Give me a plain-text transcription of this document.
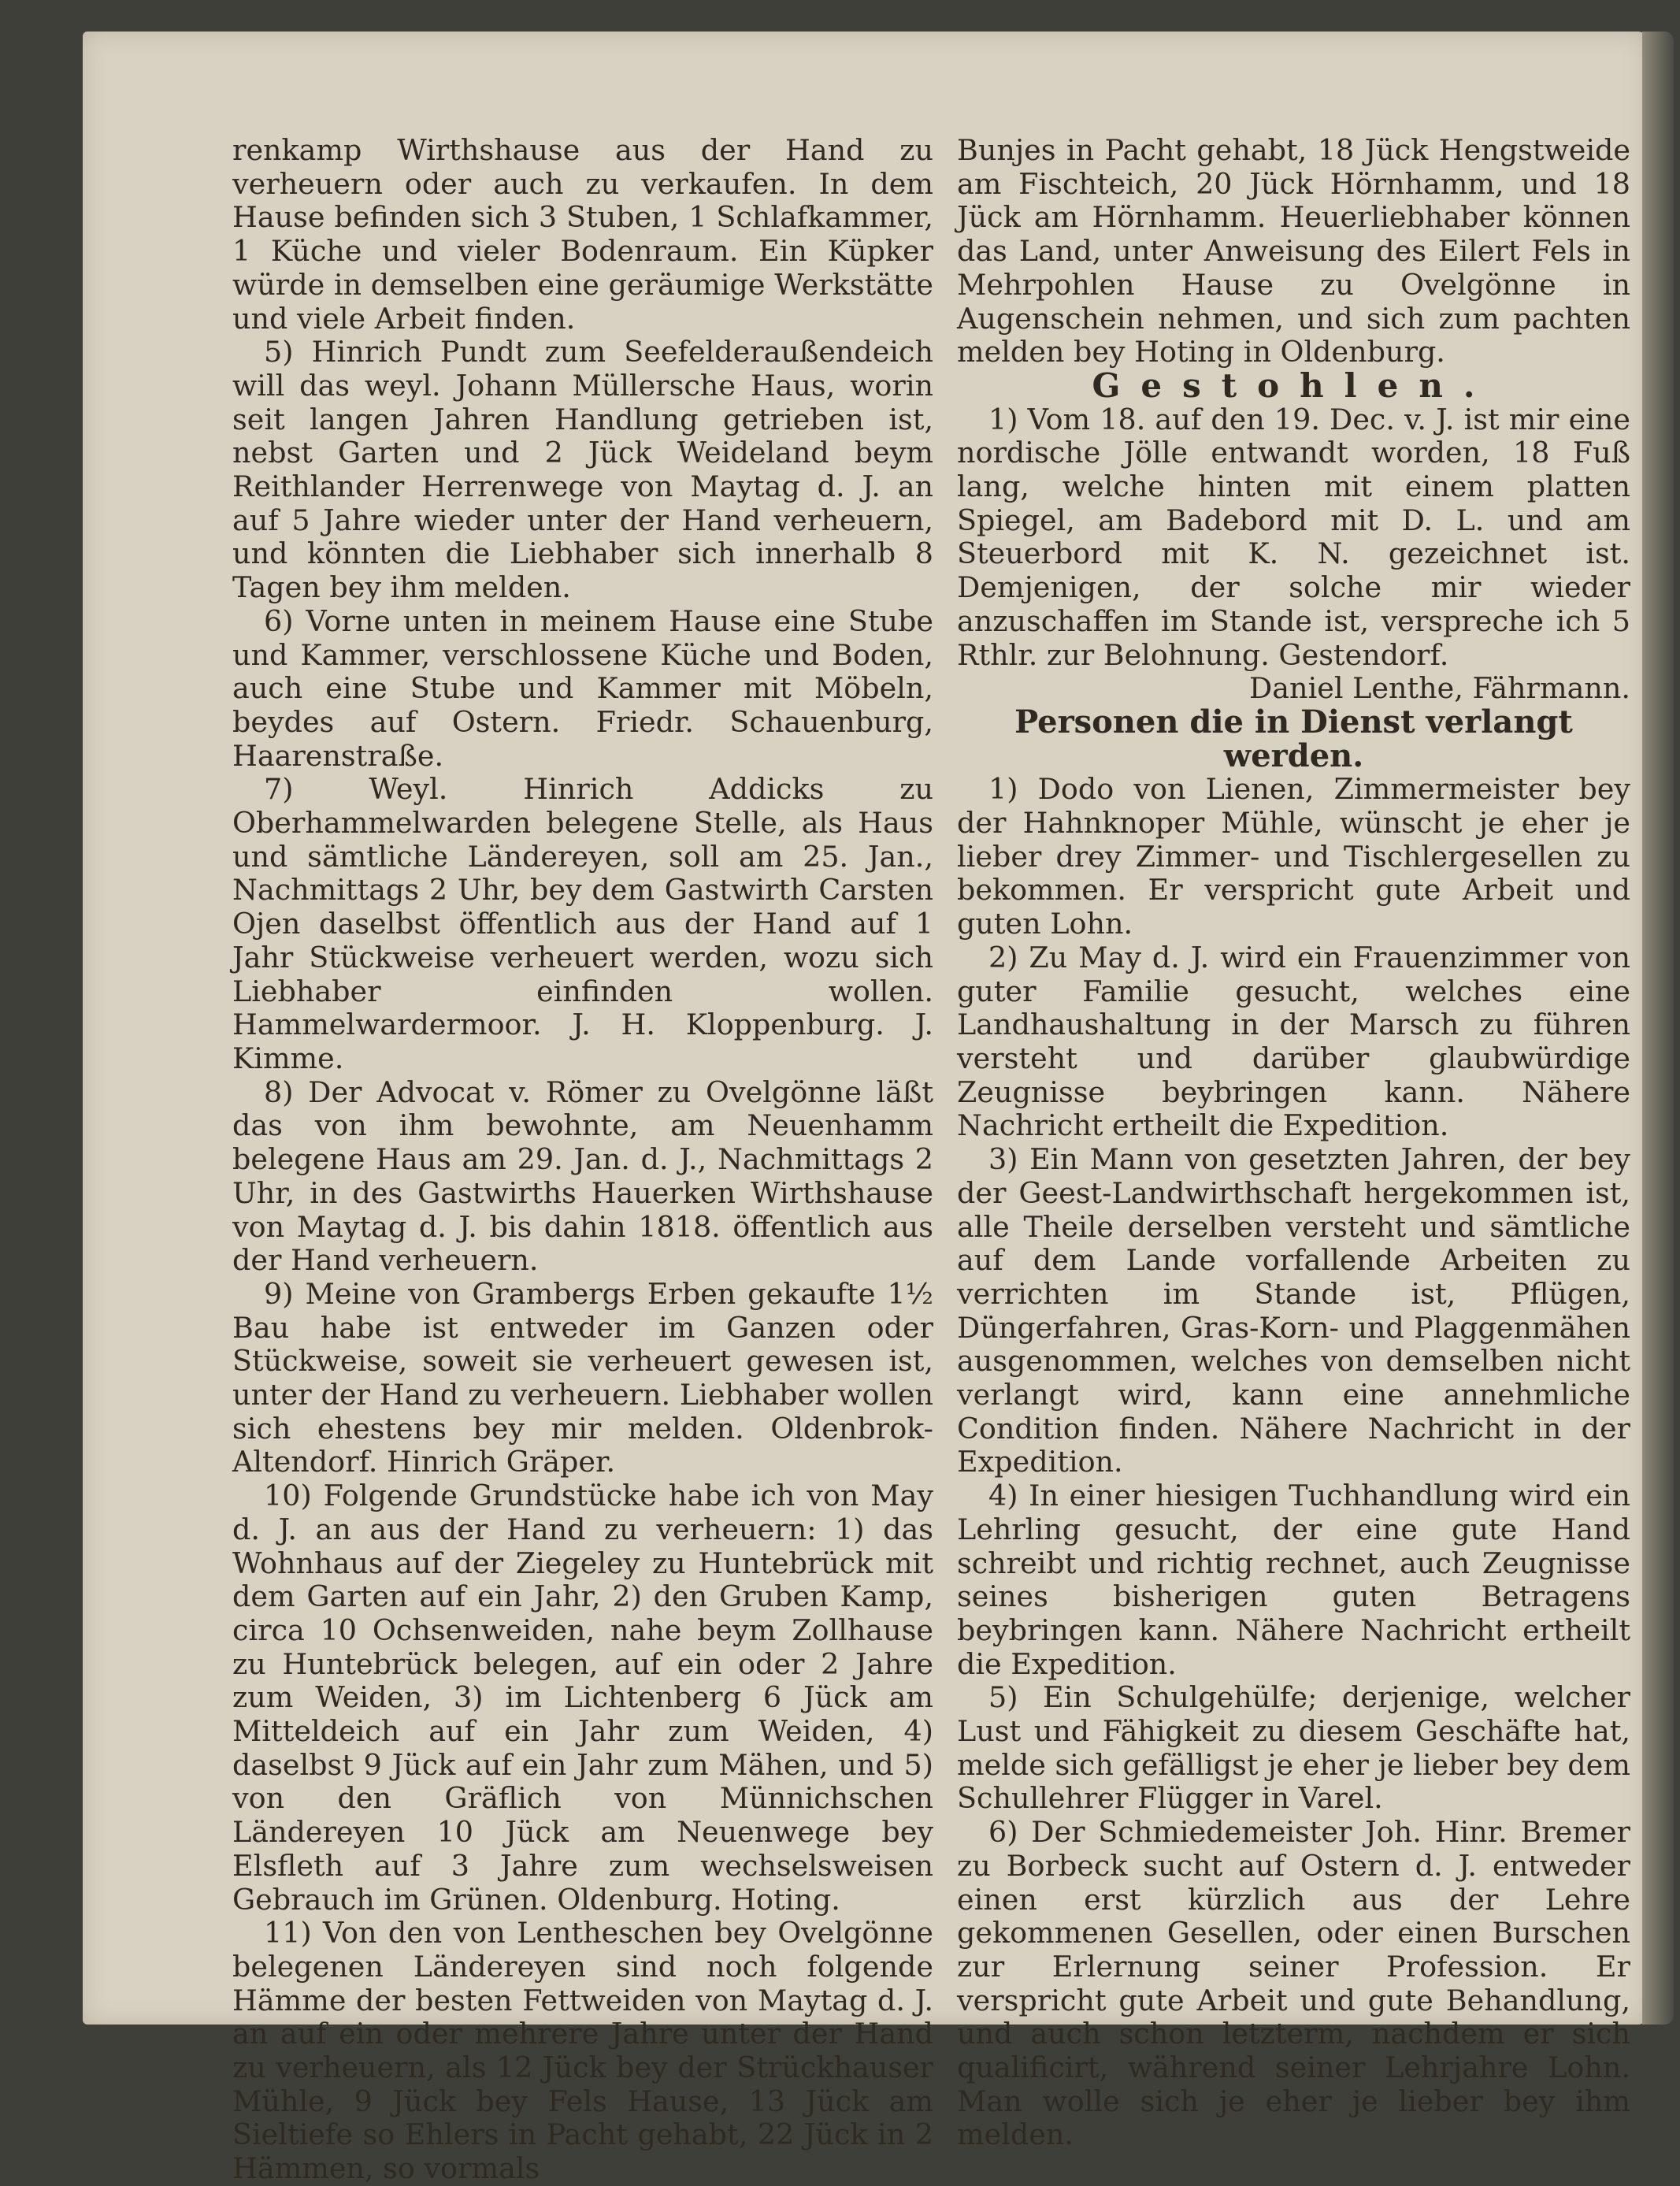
renkamp Wirthshause aus der Hand zu verheuern oder auch zu verkaufen. In dem Hause befinden sich 3 Stuben, 1 Schlafkammer, 1 Küche und vieler Bodenraum. Ein Küpker würde in demselben eine geräumige Werkstätte und viele Arbeit finden.

5) Hinrich Pundt zum Seefelderaußendeich will das weyl. Johann Müllersche Haus, worin seit langen Jahren Handlung getrieben ist, nebst Garten und 2 Jück Weideland beym Reithlander Herrenwege von Maytag d. J. an auf 5 Jahre wieder unter der Hand verheuern, und könnten die Liebhaber sich innerhalb 8 Tagen bey ihm melden.

6) Vorne unten in meinem Hause eine Stube und Kammer, verschlossene Küche und Boden, auch eine Stube und Kammer mit Möbeln, beydes auf Ostern. Friedr. Schauenburg, Haarenstraße.

7) Weyl. Hinrich Addicks zu Oberhammelwarden belegene Stelle, als Haus und sämtliche Ländereyen, soll am 25. Jan., Nachmittags 2 Uhr, bey dem Gastwirth Carsten Ojen daselbst öffentlich aus der Hand auf 1 Jahr Stückweise verheuert werden, wozu sich Liebhaber einfinden wollen. Hammelwardermoor. J. H. Kloppenburg. J. Kimme.

8) Der Advocat v. Römer zu Ovelgönne läßt das von ihm bewohnte, am Neuenhamm belegene Haus am 29. Jan. d. J., Nachmittags 2 Uhr, in des Gastwirths Hauerken Wirthshause von Maytag d. J. bis dahin 1818. öffentlich aus der Hand verheuern.

9) Meine von Grambergs Erben gekaufte 1½ Bau habe ist entweder im Ganzen oder Stückweise, soweit sie verheuert gewesen ist, unter der Hand zu verheuern. Liebhaber wollen sich ehestens bey mir melden. Oldenbrok-Altendorf. Hinrich Gräper.

10) Folgende Grundstücke habe ich von May d. J. an aus der Hand zu verheuern: 1) das Wohnhaus auf der Ziegeley zu Huntebrück mit dem Garten auf ein Jahr, 2) den Gruben Kamp, circa 10 Ochsenweiden, nahe beym Zollhause zu Huntebrück belegen, auf ein oder 2 Jahre zum Weiden, 3) im Lichtenberg 6 Jück am Mitteldeich auf ein Jahr zum Weiden, 4) daselbst 9 Jück auf ein Jahr zum Mähen, und 5) von den Gräflich von Münnichschen Ländereyen 10 Jück am Neuenwege bey Elsfleth auf 3 Jahre zum wechselsweisen Gebrauch im Grünen. Oldenburg. Hoting.

11) Von den von Lentheschen bey Ovelgönne belegenen Ländereyen sind noch folgende Hämme der besten Fettweiden von Maytag d. J. an auf ein oder mehrere Jahre unter der Hand zu verheuern, als 12 Jück bey der Strückhauser Mühle, 9 Jück bey Fels Hause, 13 Jück am Sieltiefe so Ehlers in Pacht gehabt, 22 Jück in 2 Hämmen, so vormals

Bunjes in Pacht gehabt, 18 Jück Hengstweide am Fischteich, 20 Jück Hörnhamm, und 18 Jück am Hörnhamm. Heuerliebhaber können das Land, unter Anweisung des Eilert Fels in Mehrpohlen Hause zu Ovelgönne in Augenschein nehmen, und sich zum pachten melden bey Hoting in Oldenburg.

Gestohlen.

1) Vom 18. auf den 19. Dec. v. J. ist mir eine nordische Jölle entwandt worden, 18 Fuß lang, welche hinten mit einem platten Spiegel, am Badebord mit D. L. und am Steuerbord mit K. N. gezeichnet ist. Demjenigen, der solche mir wieder anzuschaffen im Stande ist, verspreche ich 5 Rthlr. zur Belohnung. Gestendorf.

Daniel Lenthe, Fährmann.

Personen die in Dienst verlangt werden.

1) Dodo von Lienen, Zimmermeister bey der Hahnknoper Mühle, wünscht je eher je lieber drey Zimmer- und Tischlergesellen zu bekommen. Er verspricht gute Arbeit und guten Lohn.

2) Zu May d. J. wird ein Frauenzimmer von guter Familie gesucht, welches eine Landhaushaltung in der Marsch zu führen versteht und darüber glaubwürdige Zeugnisse beybringen kann. Nähere Nachricht ertheilt die Expedition.

3) Ein Mann von gesetzten Jahren, der bey der Geest-Landwirthschaft hergekommen ist, alle Theile derselben versteht und sämtliche auf dem Lande vorfallende Arbeiten zu verrichten im Stande ist, Pflügen, Düngerfahren, Gras-Korn- und Plaggenmähen ausgenommen, welches von demselben nicht verlangt wird, kann eine annehmliche Condition finden. Nähere Nachricht in der Expedition.

4) In einer hiesigen Tuchhandlung wird ein Lehrling gesucht, der eine gute Hand schreibt und richtig rechnet, auch Zeugnisse seines bisherigen guten Betragens beybringen kann. Nähere Nachricht ertheilt die Expedition.

5) Ein Schulgehülfe; derjenige, welcher Lust und Fähigkeit zu diesem Geschäfte hat, melde sich gefälligst je eher je lieber bey dem Schullehrer Flügger in Varel.

6) Der Schmiedemeister Joh. Hinr. Bremer zu Borbeck sucht auf Ostern d. J. entweder einen erst kürzlich aus der Lehre gekommenen Gesellen, oder einen Burschen zur Erlernung seiner Profession. Er verspricht gute Arbeit und gute Behandlung, und auch schon letzterm, nachdem er sich qualificirt, während seiner Lehrjahre Lohn. Man wolle sich je eher je lieber bey ihm melden.
